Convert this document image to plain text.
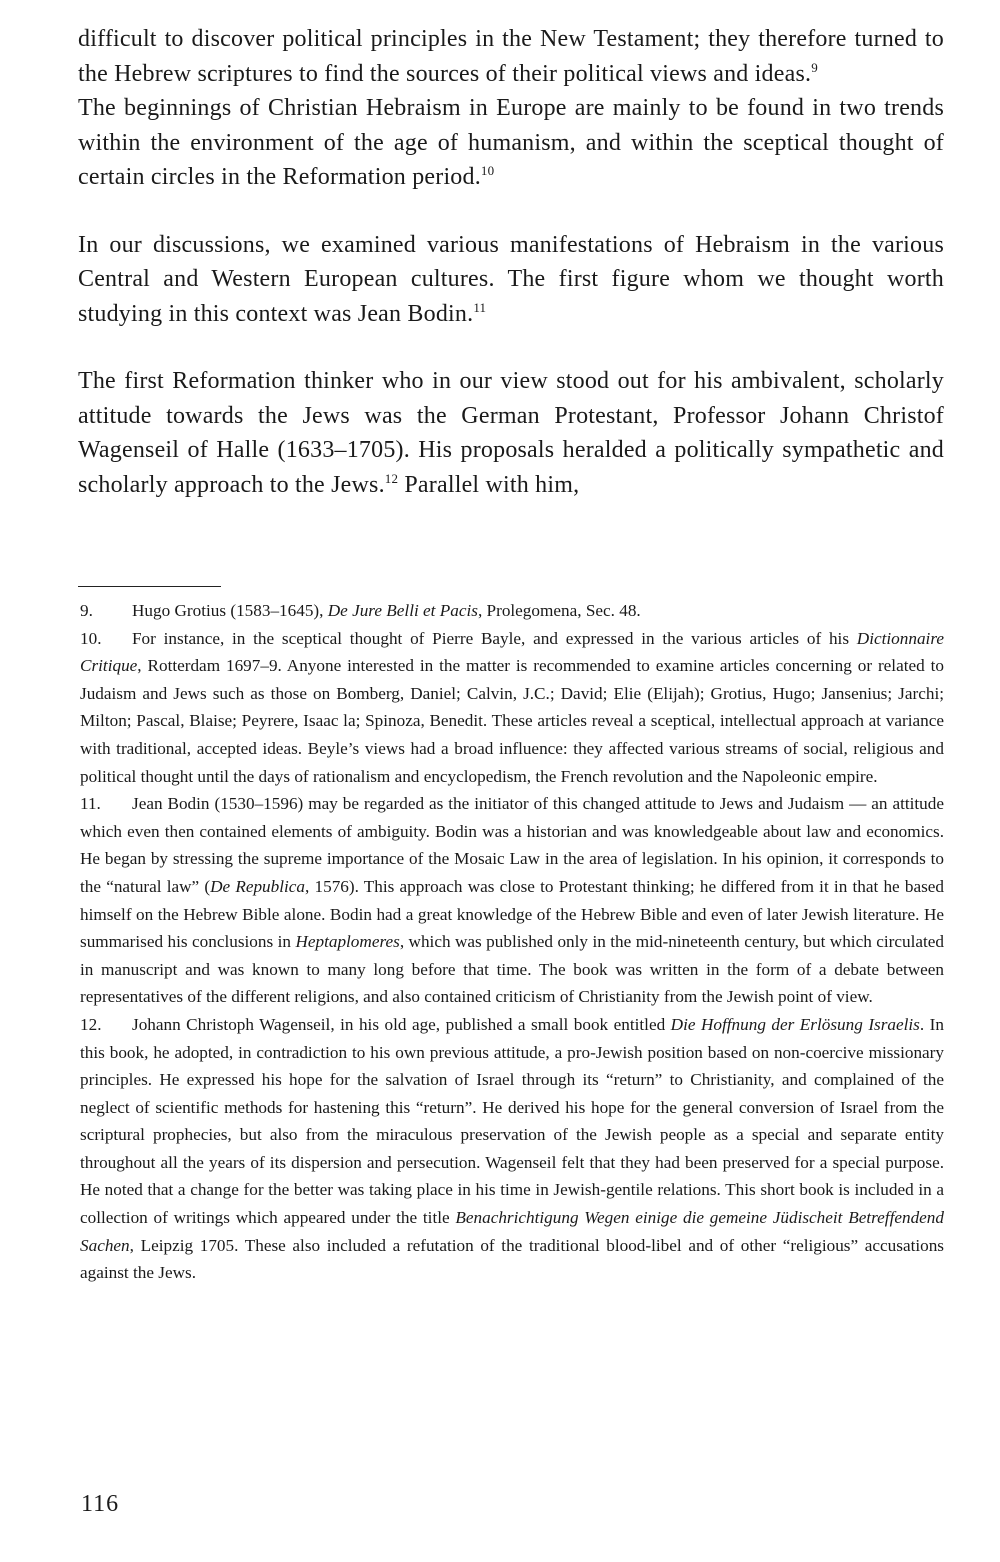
difficult to discover political principles in the New Testament; they therefore turned to the Hebrew scriptures to find the sources of their political views and ideas.$^9$

The beginnings of Christian Hebraism in Europe are mainly to be found in two trends within the environment of the age of humanism, and within the sceptical thought of certain circles in the Reformation period.$^{10}$

In our discussions, we examined various manifestations of Hebraism in the various Central and Western European cultures. The first figure whom we thought worth studying in this context was Jean Bodin.$^{11}$

The first Reformation thinker who in our view stood out for his ambivalent, scholarly attitude towards the Jews was the German Protestant, Professor Johann Christof Wagenseil of Halle (1633–1705). His proposals heralded a politically sympathetic and scholarly approach to the Jews.$^{12}$ Parallel with him,

9. Hugo Grotius (1583–1645), De Jure Belli et Pacis, Prolegomena, Sec. 48.

10. For instance, in the sceptical thought of Pierre Bayle, and expressed in the various articles of his Dictionnaire Critique, Rotterdam 1697–9. Anyone interested in the matter is recommended to examine articles concerning or related to Judaism and Jews such as those on Bomberg, Daniel; Calvin, J.C.; David; Elie (Elijah); Grotius, Hugo; Jansenius; Jarchi; Milton; Pascal, Blaise; Peyrere, Isaac la; Spinoza, Benedit. These articles reveal a sceptical, intellectual approach at variance with traditional, accepted ideas. Beyle’s views had a broad influence: they affected various streams of social, religious and political thought until the days of rationalism and encyclopedism, the French revolution and the Napoleonic empire.

11. Jean Bodin (1530–1596) may be regarded as the initiator of this changed attitude to Jews and Judaism — an attitude which even then contained elements of ambiguity. Bodin was a historian and was knowledgeable about law and economics. He began by stressing the supreme importance of the Mosaic Law in the area of legislation. In his opinion, it corresponds to the “natural law” (De Republica, 1576). This approach was close to Protestant thinking; he differed from it in that he based himself on the Hebrew Bible alone. Bodin had a great knowledge of the Hebrew Bible and even of later Jewish literature. He summarised his conclusions in Heptaplomeres, which was published only in the mid-nineteenth century, but which circulated in manuscript and was known to many long before that time. The book was written in the form of a debate between representatives of the different religions, and also contained criticism of Christianity from the Jewish point of view.

12. Johann Christoph Wagenseil, in his old age, published a small book entitled Die Hoffnung der Erlösung Israelis. In this book, he adopted, in contradiction to his own previous attitude, a pro-Jewish position based on non-coercive missionary principles. He expressed his hope for the salvation of Israel through its “return” to Christianity, and complained of the neglect of scientific methods for hastening this “return”. He derived his hope for the general conversion of Israel from the scriptural prophecies, but also from the miraculous preservation of the Jewish people as a special and separate entity throughout all the years of its dispersion and persecution. Wagenseil felt that they had been preserved for a special purpose. He noted that a change for the better was taking place in his time in Jewish-gentile relations. This short book is included in a collection of writings which appeared under the title Benachrichtigung Wegen einige die gemeine Jüdischeit Betreffendend Sachen, Leipzig 1705. These also included a refutation of the traditional blood-libel and of other “religious” accusations against the Jews.

116
